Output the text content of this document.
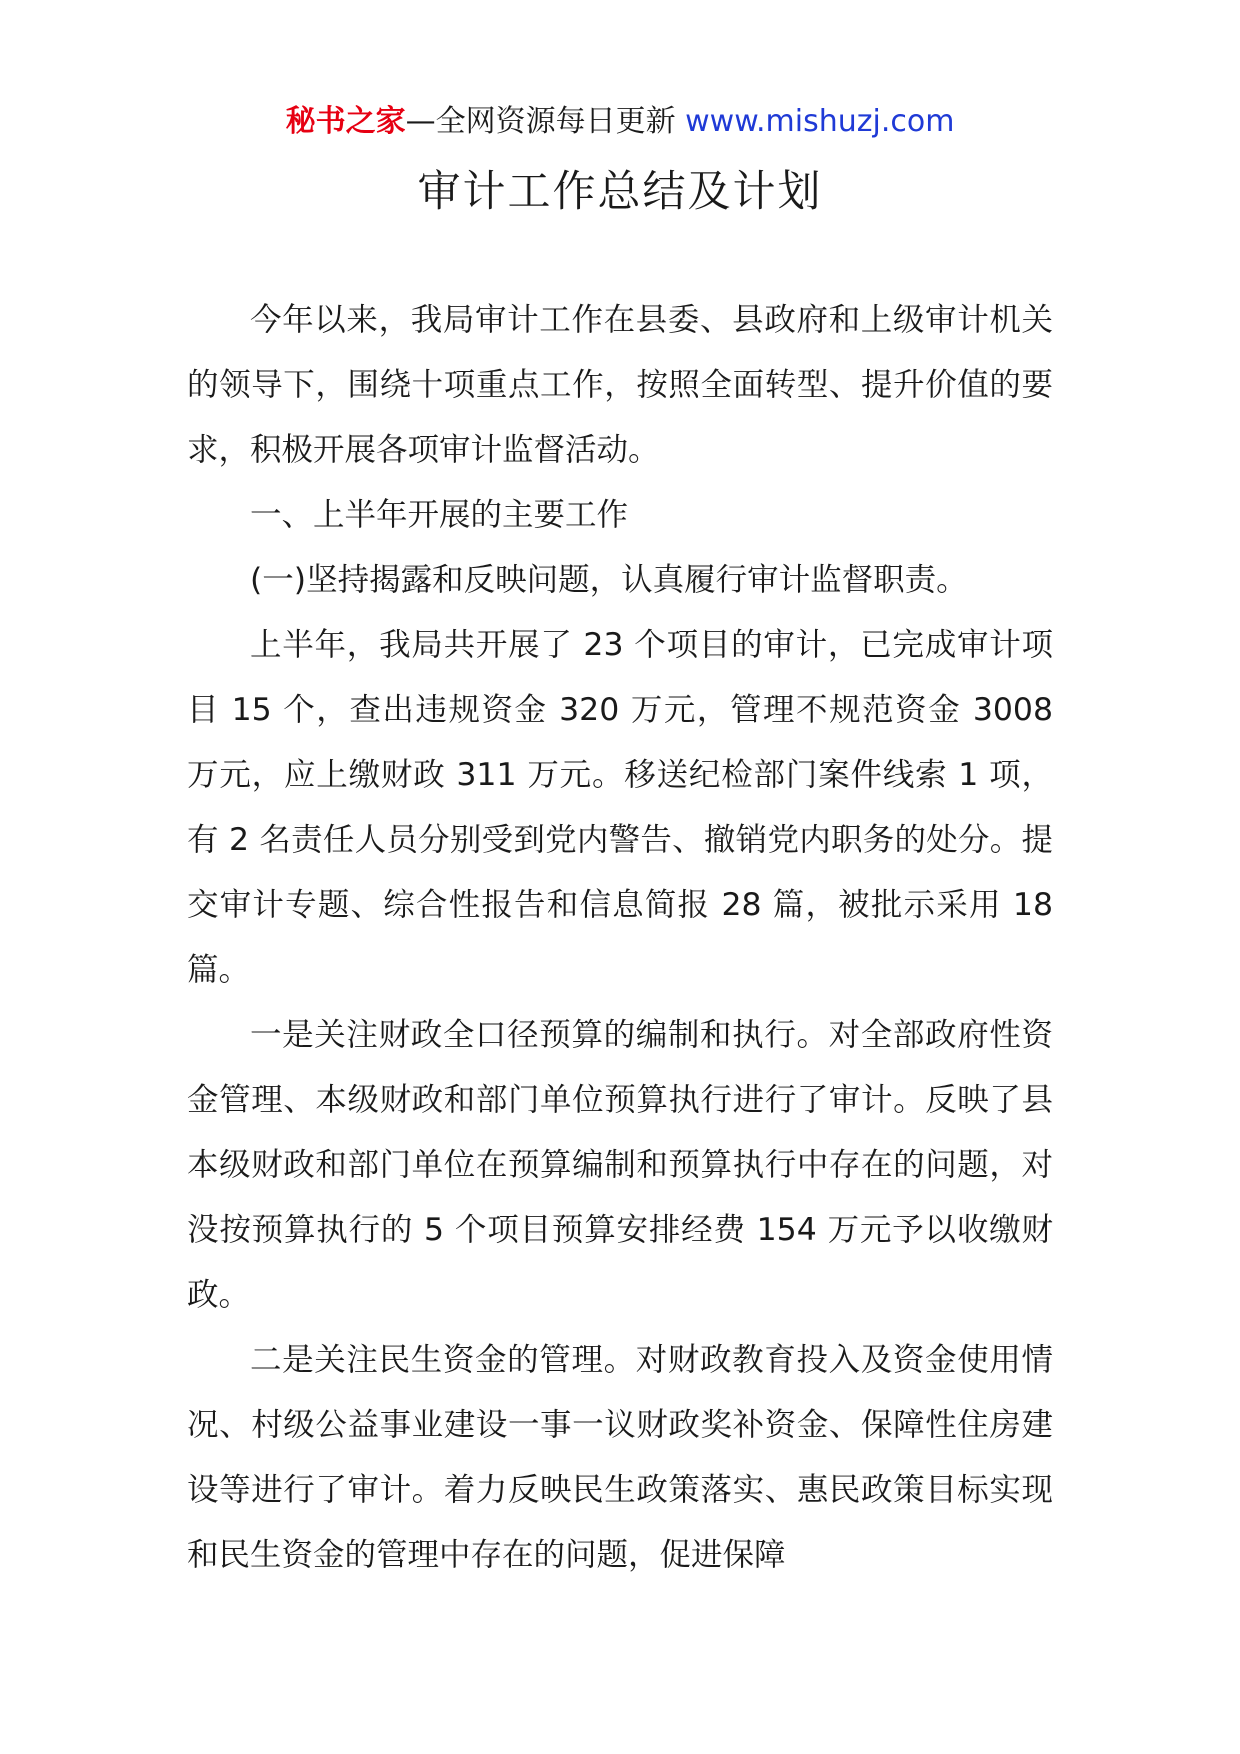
秘书之家—全网资源每日更新 www.mishuzj.com
审计工作总结及计划

今年以来，我局审计工作在县委、县政府和上级审计机关的领导下，围绕十项重点工作，按照全面转型、提升价值的要求，积极开展各项审计监督活动。

一、上半年开展的主要工作

(一)坚持揭露和反映问题，认真履行审计监督职责。

上半年，我局共开展了 23 个项目的审计，已完成审计项目 15 个，查出违规资金 320 万元，管理不规范资金 3008 万元，应上缴财政 311 万元。移送纪检部门案件线索 1 项，有 2 名责任人员分别受到党内警告、撤销党内职务的处分。提交审计专题、综合性报告和信息简报 28 篇，被批示采用 18 篇。

一是关注财政全口径预算的编制和执行。对全部政府性资金管理、本级财政和部门单位预算执行进行了审计。反映了县本级财政和部门单位在预算编制和预算执行中存在的问题，对没按预算执行的 5 个项目预算安排经费 154 万元予以收缴财政。

二是关注民生资金的管理。对财政教育投入及资金使用情况、村级公益事业建设一事一议财政奖补资金、保障性住房建设等进行了审计。着力反映民生政策落实、惠民政策目标实现和民生资金的管理中存在的问题，促进保障
